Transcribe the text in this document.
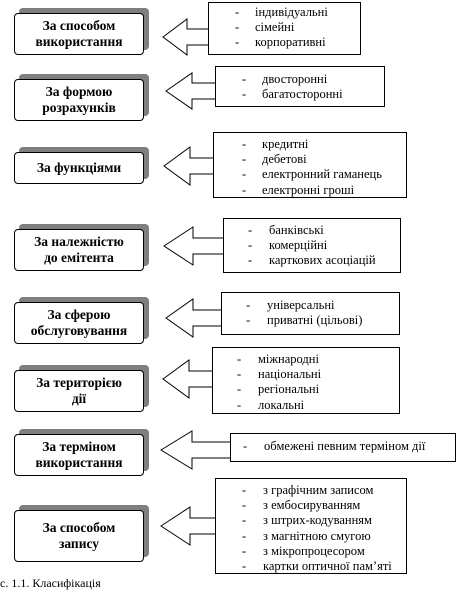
За способом
використання
- індивідуальні
- сімейні
- корпоративні
За формою
розрахунків
- двосторонні
- багатосторонні
За функціями
- кредитні
- дебетові
- електронний гаманець
- електронні гроші
За належністю
до емітента
- банківські
- комерційні
- карткових асоціацій
За сферою
обслуговування
- універсальні
- приватні (цільові)
За територією
дії
- міжнародні
- національні
- регіональні
- локальні
За терміном
використання
- обмежені певним терміном дії
За способом
запису
- з графічним записом
- з ембосируванням
- з штрих-кодуванням
- з магнітною смугою
- з мікропроцесором
- картки оптичної пам’яті
с. 1.1. Класифікація
